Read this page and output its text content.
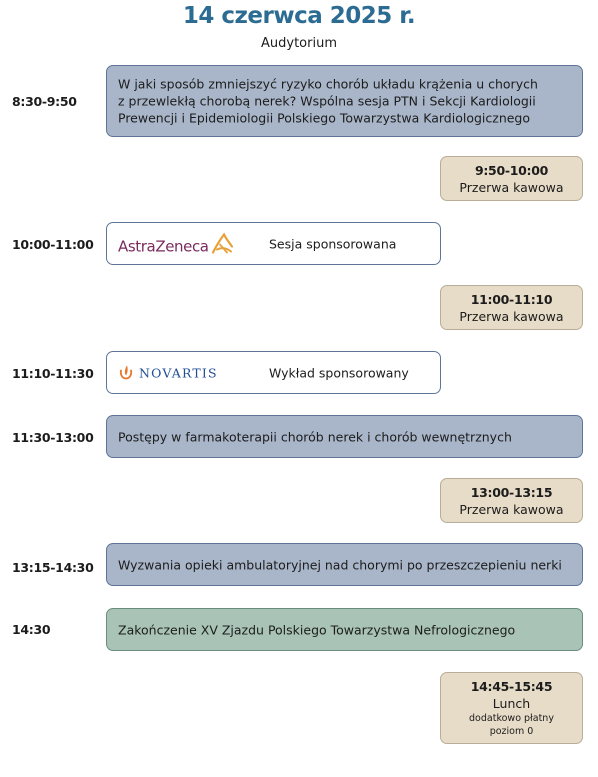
14 czerwca 2025 r.
Audytorium
8:30-9:50
W jaki sposób zmniejszyć ryzyko chorób układu krążenia u chorych
z przewlekłą chorobą nerek? Wspólna sesja PTN i Sekcji Kardiologii
Prewencji i Epidemiologii Polskiego Towarzystwa Kardiologicznego
9:50-10:00
Przerwa kawowa
10:00-11:00 AstraZeneca	Sesja sponsorowana
11:00-11:10
Przerwa kawowa
11:10-11:30	NOVARTIS	Wykład sponsorowany
11:30-13:00 Postępy w farmakoterapii chorób nerek i chorób wewnętrznych
13:00-13:15
Przerwa kawowa
13:15-14:30 Wyzwania opieki ambulatoryjnej nad chorymi po przeszczepieniu nerki
14:30	Zakończenie XV Zjazdu Polskiego Towarzystwa Nefrologicznego
14:45-15:45
Lunch
dodatkowo płatny
poziom 0
